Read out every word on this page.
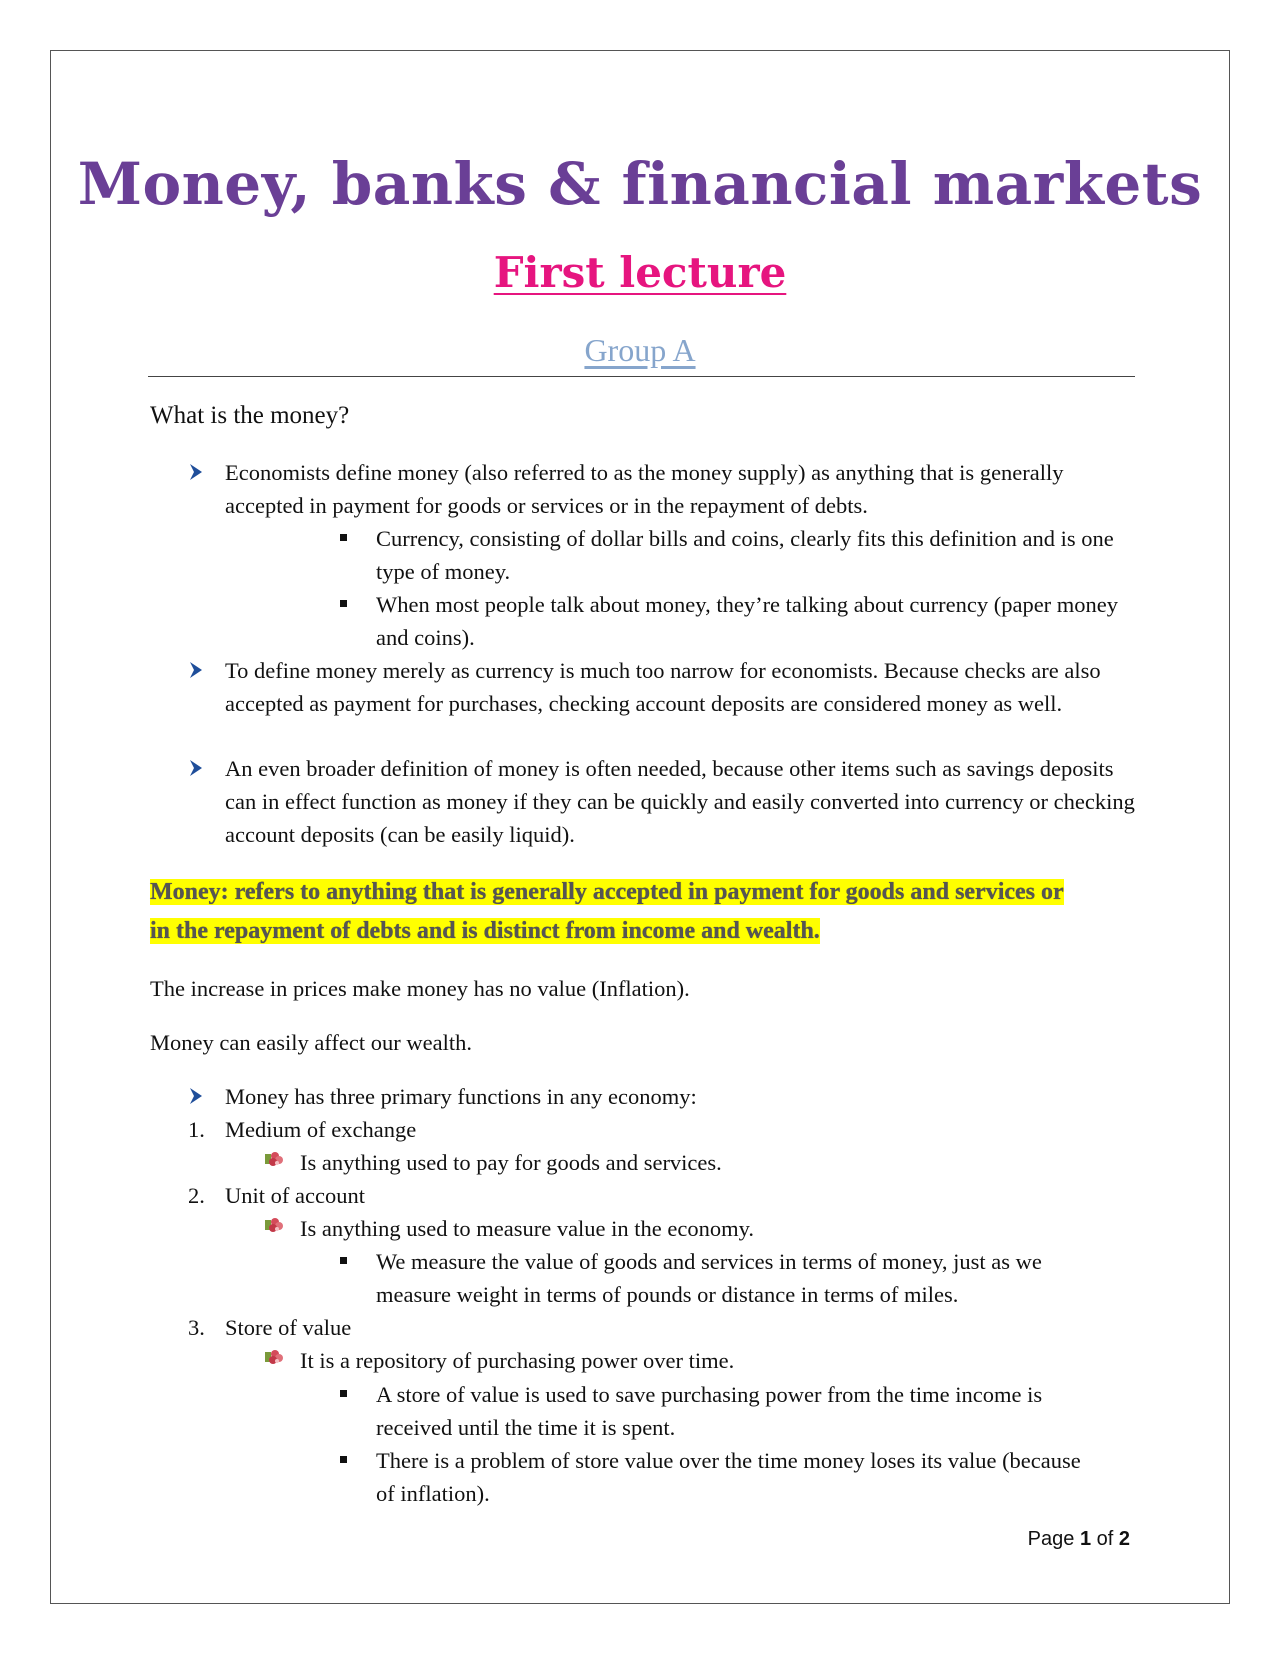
Money, banks & financial markets
First lecture
Group A
What is the money?
Economists define money (also referred to as the money supply) as anything that is generally accepted in payment for goods or services or in the repayment of debts.
Currency, consisting of dollar bills and coins, clearly fits this definition and is one type of money.
When most people talk about money, they’re talking about currency (paper money and coins).
To define money merely as currency is much too narrow for economists. Because checks are also accepted as payment for purchases, checking account deposits are considered money as well.
An even broader definition of money is often needed, because other items such as savings deposits can in effect function as money if they can be quickly and easily converted into currency or checking account deposits (can be easily liquid).
Money: refers to anything that is generally accepted in payment for goods and services or in the repayment of debts and is distinct from income and wealth.
The increase in prices make money has no value (Inflation).
Money can easily affect our wealth.
Money has three primary functions in any economy:
1. Medium of exchange
Is anything used to pay for goods and services.
2. Unit of account
Is anything used to measure value in the economy.
We measure the value of goods and services in terms of money, just as we measure weight in terms of pounds or distance in terms of miles.
3. Store of value
It is a repository of purchasing power over time.
A store of value is used to save purchasing power from the time income is received until the time it is spent.
There is a problem of store value over the time money loses its value (because of inflation).
Page 1 of 2
